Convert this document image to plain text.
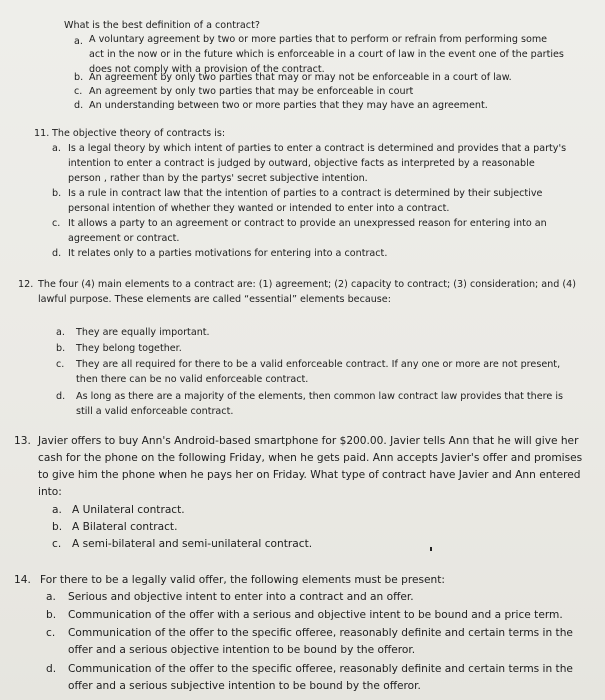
What is the best definition of a contract?
a. A voluntary agreement by two or more parties that to perform or refrain from performing some act in the now or in the future which is enforceable in a court of law in the event one of the parties does not comply with a provision of the contract.
b. An agreement by only two parties that may or may not be enforceable in a court of law.
c. An agreement by only two parties that may be enforceable in court
d. An understanding between two or more parties that they may have an agreement.
11. The objective theory of contracts is:
a. Is a legal theory by which intent of parties to enter a contract is determined and provides that a party's intention to enter a contract is judged by outward, objective facts as interpreted by a reasonable person , rather than by the partys' secret subjective intention.
b. Is a rule in contract law that the intention of parties to a contract is determined by their subjective personal intention of whether they wanted or intended to enter into a contract.
c. It allows a party to an agreement or contract to provide an unexpressed reason for entering into an agreement or contract.
d. It relates only to a parties motivations for entering into a contract.
12. The four (4) main elements to a contract are: (1) agreement; (2) capacity to contract; (3) consideration; and (4) lawful purpose. These elements are called “essential” elements because:
a.	They are equally important.
b.	They belong together.
c.	They are all required for there to be a valid enforceable contract. If any one or more are not present, then there can be no valid enforceable contract.
d.	As long as there are a majority of the elements, then common law contract law provides that there is still a valid enforceable contract.
13. Javier offers to buy Ann's Android-based smartphone for $200.00. Javier tells Ann that he will give her cash for the phone on the following Friday, when he gets paid. Ann accepts Javier's offer and promises to give him the phone when he pays her on Friday. What type of contract have Javier and Ann entered into:
a. A Unilateral contract.
b. A Bilateral contract.
c.	A semi-bilateral and semi-unilateral contract.
14. For there to be a legally valid offer, the following elements must be present:
a.	Serious and objective intent to enter into a contract and an offer.
b.	Communication of the offer with a serious and objective intent to be bound and a price term.
c.	Communication of the offer to the specific offeree, reasonably definite and certain terms in the offer and a serious objective intention to be bound by the offeror.
d.	Communication of the offer to the specific offeree, reasonably definite and certain terms in the offer and a serious subjective intention to be bound by the offeror.
